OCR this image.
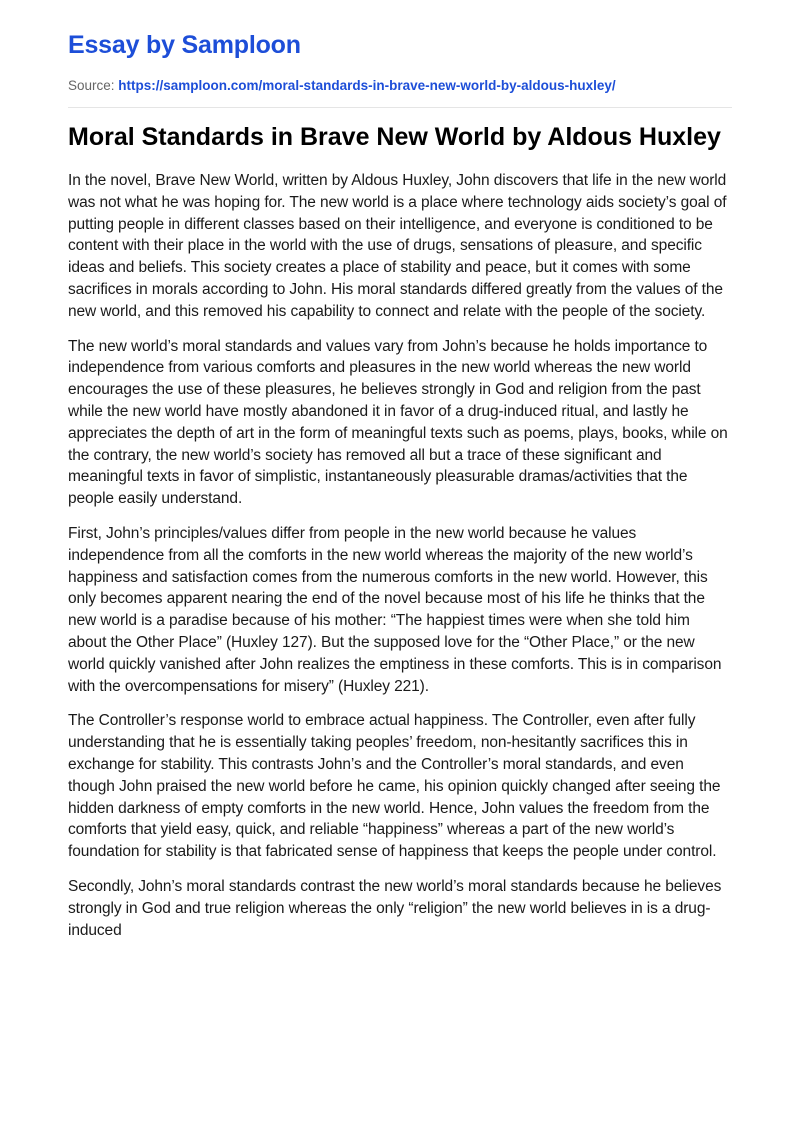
Essay by Samploon
Source: https://samploon.com/moral-standards-in-brave-new-world-by-aldous-huxley/
Moral Standards in Brave New World by Aldous Huxley

In the novel, Brave New World, written by Aldous Huxley, John discovers that life in the new world was not what he was hoping for. The new world is a place where technology aids society’s goal of putting people in different classes based on their intelligence, and everyone is conditioned to be content with their place in the world with the use of drugs, sensations of pleasure, and specific ideas and beliefs. This society creates a place of stability and peace, but it comes with some sacrifices in morals according to John. His moral standards differed greatly from the values of the new world, and this removed his capability to connect and relate with the people of the society.

The new world’s moral standards and values vary from John’s because he holds importance to independence from various comforts and pleasures in the new world whereas the new world encourages the use of these pleasures, he believes strongly in God and religion from the past while the new world have mostly abandoned it in favor of a drug-induced ritual, and lastly he appreciates the depth of art in the form of meaningful texts such as poems, plays, books, while on the contrary, the new world’s society has removed all but a trace of these significant and meaningful texts in favor of simplistic, instantaneously pleasurable dramas/activities that the people easily understand.

First, John’s principles/values differ from people in the new world because he values independence from all the comforts in the new world whereas the majority of the new world’s happiness and satisfaction comes from the numerous comforts in the new world. However, this only becomes apparent nearing the end of the novel because most of his life he thinks that the new world is a paradise because of his mother: “The happiest times were when she told him about the Other Place” (Huxley 127). But the supposed love for the “Other Place,” or the new world quickly vanished after John realizes the emptiness in these comforts. This is in comparison with the overcompensations for misery” (Huxley 221).

The Controller’s response world to embrace actual happiness. The Controller, even after fully understanding that he is essentially taking peoples’ freedom, non-hesitantly sacrifices this in exchange for stability. This contrasts John’s and the Controller’s moral standards, and even though John praised the new world before he came, his opinion quickly changed after seeing the hidden darkness of empty comforts in the new world. Hence, John values the freedom from the comforts that yield easy, quick, and reliable “happiness” whereas a part of the new world’s foundation for stability is that fabricated sense of happiness that keeps the people under control.

Secondly, John’s moral standards contrast the new world’s moral standards because he believes strongly in God and true religion whereas the only “religion” the new world believes in is a drug-induced
